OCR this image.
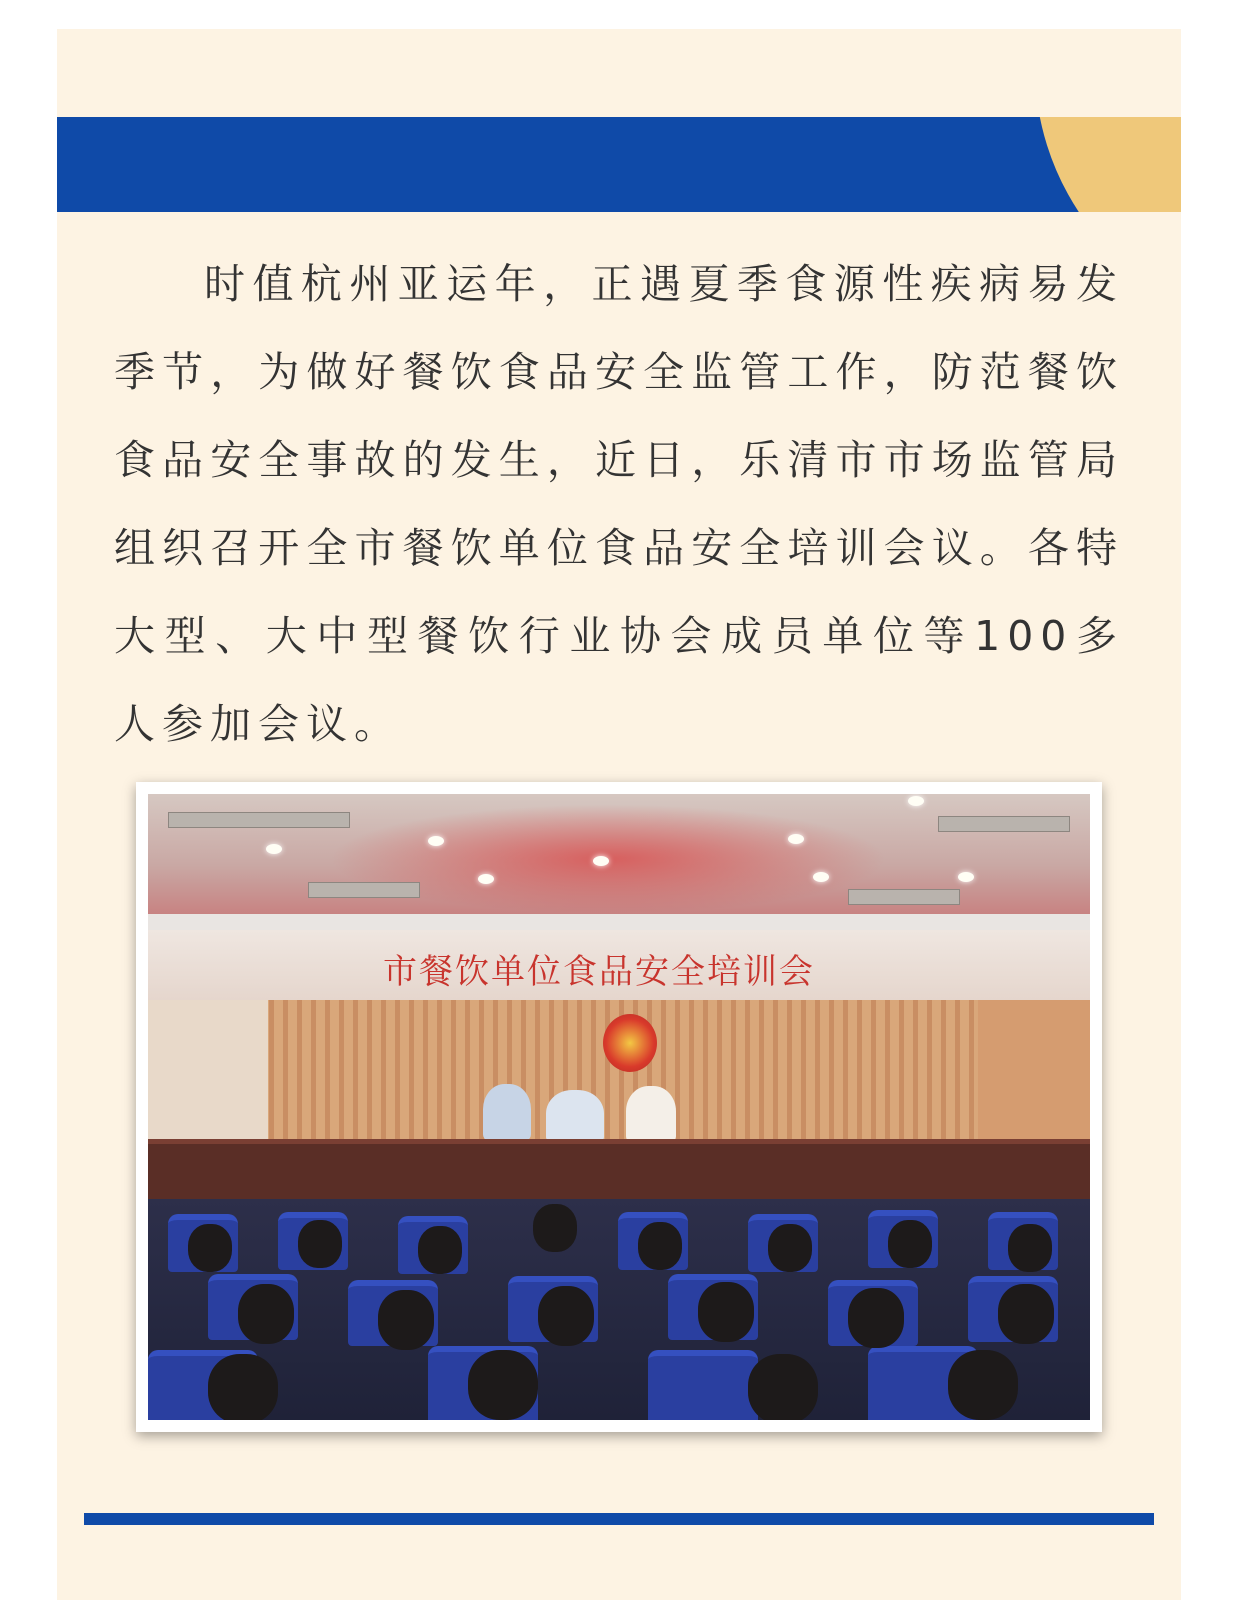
时值杭州亚运年，正遇夏季食源性疾病易发季节，为做好餐饮食品安全监管工作，防范餐饮食品安全事故的发生，近日，乐清市市场监管局组织召开全市餐饮单位食品安全培训会议。各特大型、大中型餐饮行业协会成员单位等100多人参加会议。

市餐饮单位食品安全培训会
